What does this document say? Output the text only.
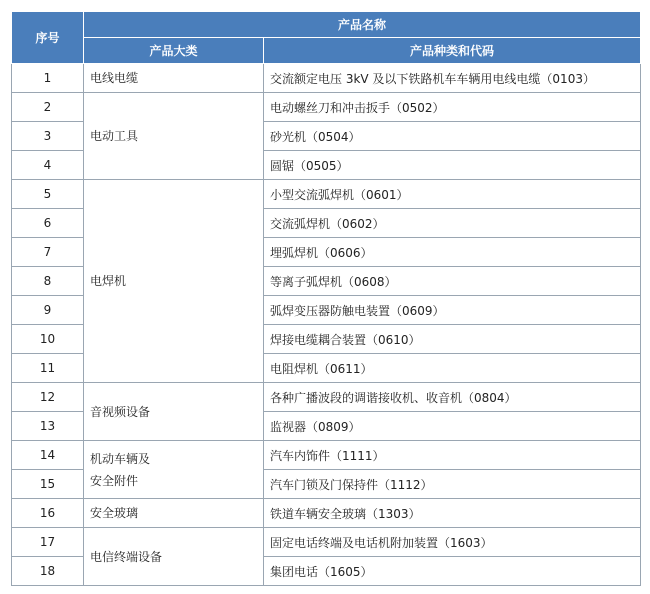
序号	产品名称	
	产品大类	产品种类和代码
1	电线电缆	交流额定电压 3kV 及以下铁路机车车辆用电线电缆（0103）
2	电动工具	电动螺丝刀和冲击扳手（0502）
3		砂光机（0504）
4		圆锯（0505）
5	电焊机	小型交流弧焊机（0601）
6		交流弧焊机（0602）
7		埋弧焊机（0606）
8		等离子弧焊机（0608）
9		弧焊变压器防触电装置（0609）
10		焊接电缆耦合装置（0610）
11		电阻焊机（0611）
12	音视频设备	各种广播波段的调谐接收机、收音机（0804）
13		监视器（0809）
14	机动车辆及
安全附件	汽车内饰件（1111）
15		汽车门锁及门保持件（1112）
16	安全玻璃	铁道车辆安全玻璃（1303）
17	电信终端设备	固定电话终端及电话机附加装置（1603）
18		集团电话（1605）
